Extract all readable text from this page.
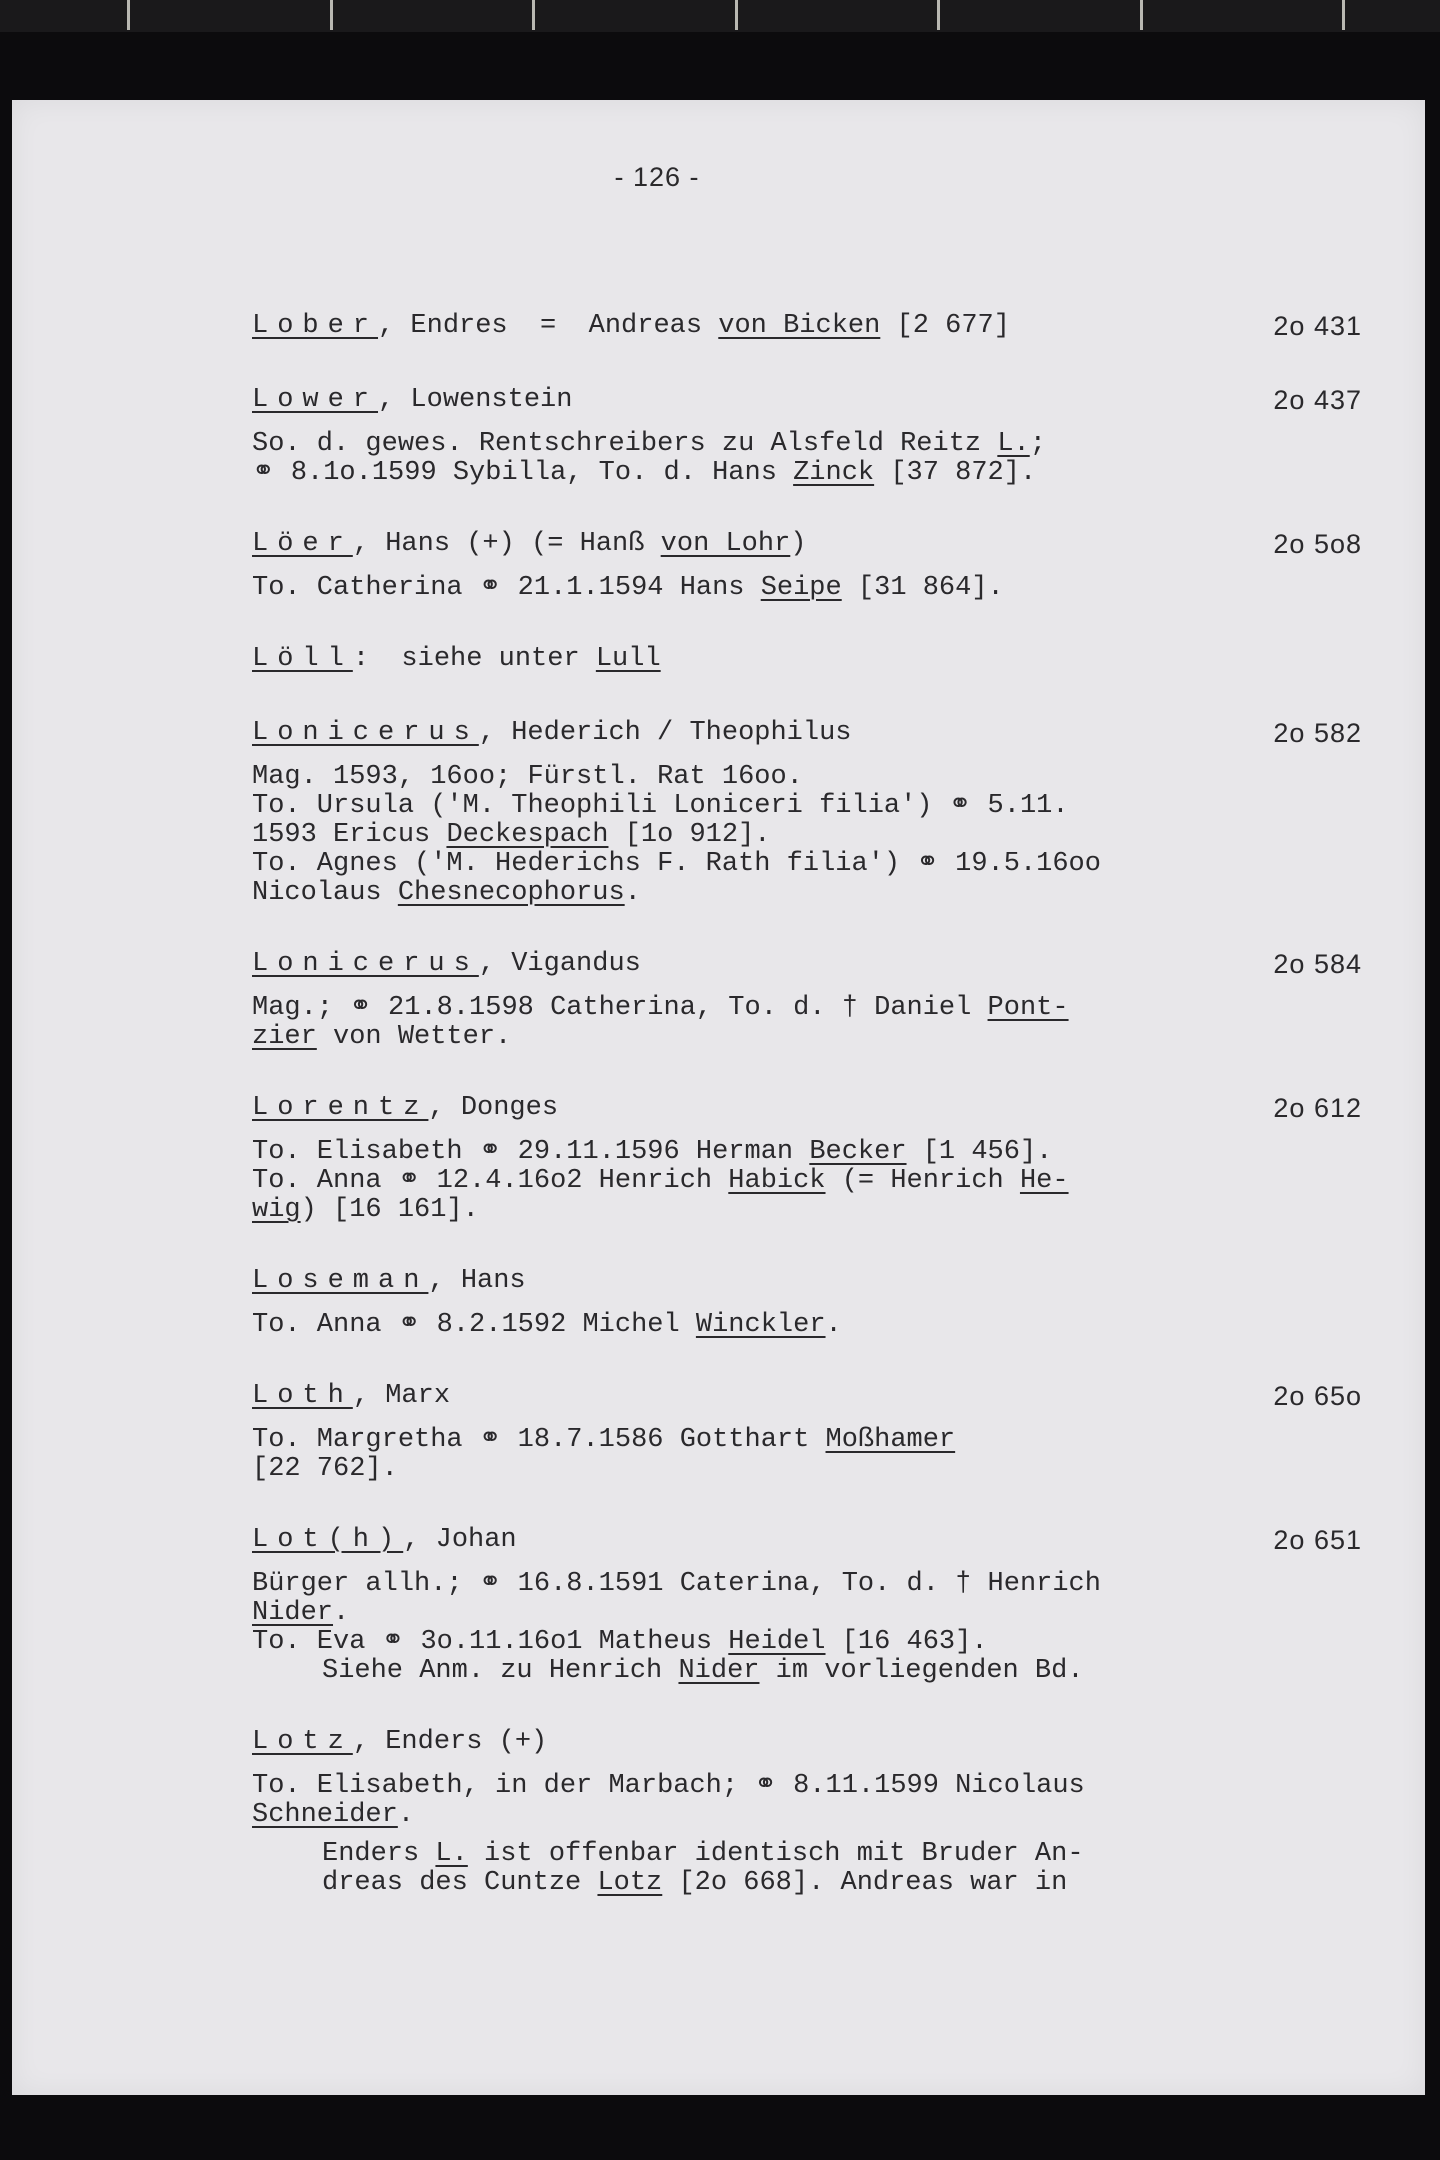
- 126 -
Lober, Endres  =  Andreas von Bicken [2 677]	2o 431
Lower, Lowenstein	2o 437
So. d. gewes. Rentschreibers zu Alsfeld Reitz L.;
⚭ 8.1o.1599 Sybilla, To. d. Hans Zinck [37 872].
Löer, Hans (+) (= Hanß von Lohr)	2o 5o8
To. Catherina ⚭ 21.1.1594 Hans Seipe [31 864].
Löll:  siehe unter Lull
Lonicerus, Hederich / Theophilus	2o 582
Mag. 1593, 16oo; Fürstl. Rat 16oo.
To. Ursula ('M. Theophili Loniceri filia') ⚭ 5.11.
1593 Ericus Deckespach [1o 912].
To. Agnes ('M. Hederichs F. Rath filia') ⚭ 19.5.16oo
Nicolaus Chesnecophorus.
Lonicerus, Vigandus	2o 584
Mag.; ⚭ 21.8.1598 Catherina, To. d. † Daniel Pont-
zier von Wetter.
Lorentz, Donges	2o 612
To. Elisabeth ⚭ 29.11.1596 Herman Becker [1 456].
To. Anna ⚭ 12.4.16o2 Henrich Habick (= Henrich He-
wig) [16 161].
Loseman, Hans
To. Anna ⚭ 8.2.1592 Michel Winckler.
Loth, Marx	2o 65o
To. Margretha ⚭ 18.7.1586 Gotthart Moßhamer
[22 762].
Lot(h), Johan	2o 651
Bürger allh.; ⚭ 16.8.1591 Caterina, To. d. † Henrich
Nider.
To. Eva ⚭ 3o.11.16o1 Matheus Heidel [16 463].
Siehe Anm. zu Henrich Nider im vorliegenden Bd.
Lotz, Enders (+)
To. Elisabeth, in der Marbach; ⚭ 8.11.1599 Nicolaus
Schneider.
Enders L. ist offenbar identisch mit Bruder An-
dreas des Cuntze Lotz [2o 668]. Andreas war in
